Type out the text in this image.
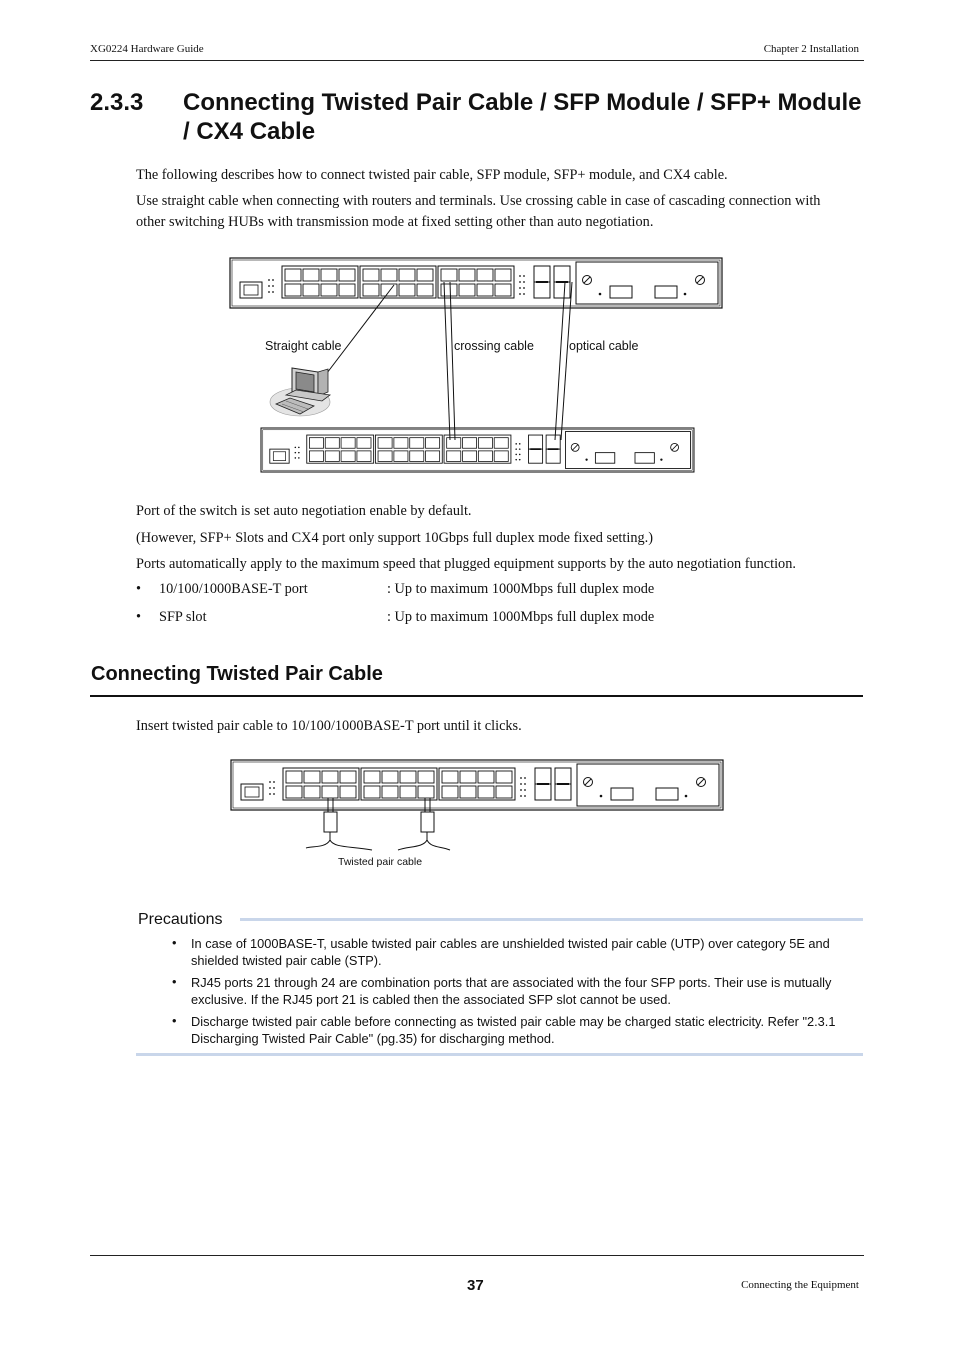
XG0224 Hardware Guide	Chapter 2 Installation
2.3.3 Connecting Twisted Pair Cable / SFP Module / SFP+ Module
/ CX4 Cable
The following describes how to connect twisted pair cable, SFP module, SFP+ module, and CX4 cable.
Use straight cable when connecting with routers and terminals. Use crossing cable in case of cascading connection with
other switching HUBs with transmission mode at fixed setting other than auto negotiation.
Straight cable	crossing cable	optical cable
Port of the switch is set auto negotiation enable by default.
(However, SFP+ Slots and CX4 port only support 10Gbps full duplex mode fixed setting.)
Ports automatically apply to the maximum speed that plugged equipment supports by the auto negotiation function.
• 10/100/1000BASE-T port	: Up to maximum 1000Mbps full duplex mode
• SFP slot	: Up to maximum 1000Mbps full duplex mode
Connecting Twisted Pair Cable
Insert twisted pair cable to 10/100/1000BASE-T port until it clicks.
Twisted pair cable
Precautions
• In case of 1000BASE-T, usable twisted pair cables are unshielded twisted pair cable (UTP) over category 5E and
shielded twisted pair cable (STP).
• RJ45 ports 21 through 24 are combination ports that are associated with the four SFP ports. Their use is mutually
exclusive. If the RJ45 port 21 is cabled then the associated SFP slot cannot be used.
• Discharge twisted pair cable before connecting as twisted pair cable may be charged static electricity. Refer "2.3.1
Discharging Twisted Pair Cable" (pg.35) for discharging method.
37	Connecting the Equipment
